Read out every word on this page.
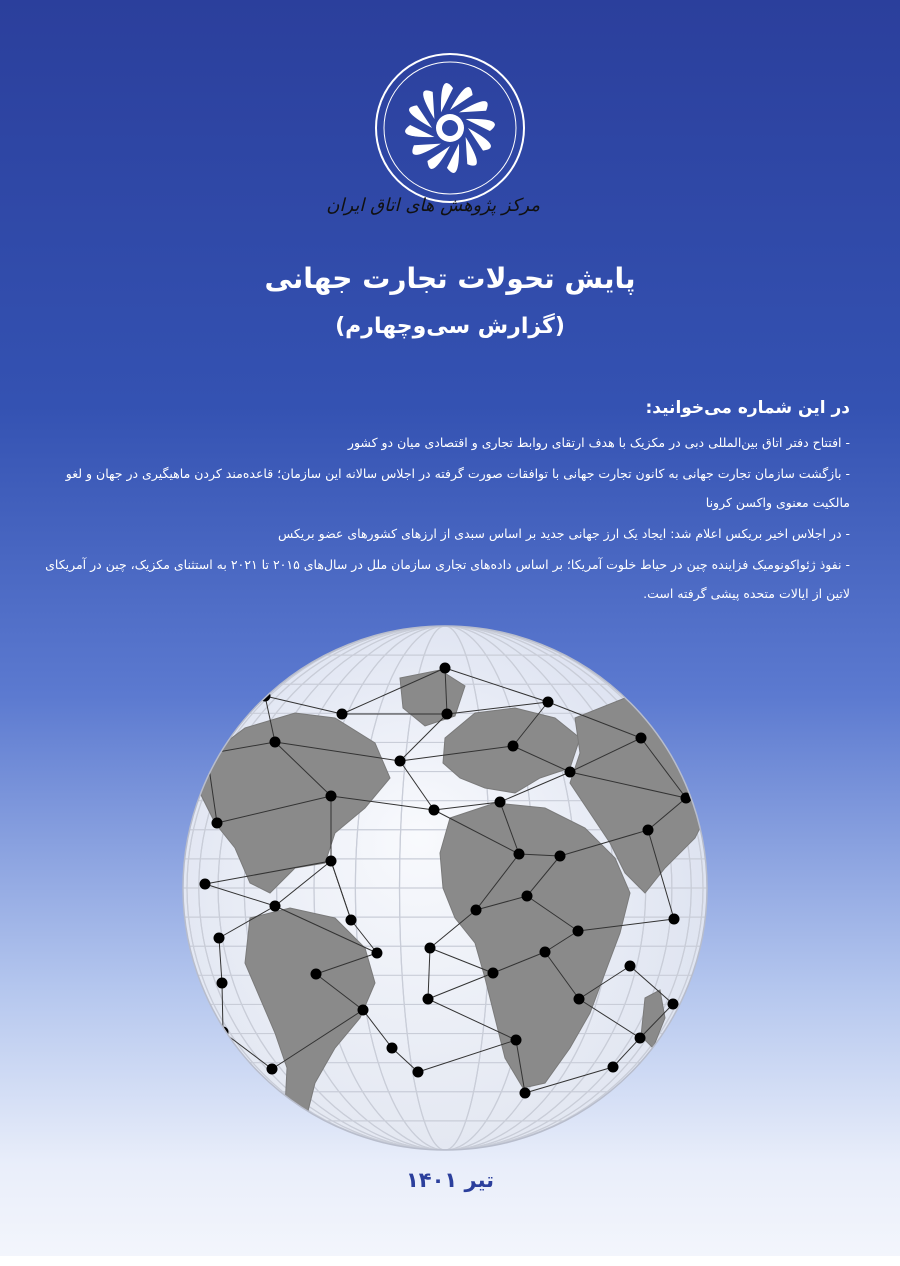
مرکز پژوهش های اتاق ایران
پایش تحولات تجارت جهانی
(گزارش سی‌وچهارم)
در این شماره می‌خوانید:
- افتتاح دفتر اتاق بین‌المللی دبی در مکزیک با هدف ارتقای روابط تجاری و اقتصادی میان دو کشور
- بازگشت سازمان تجارت جهانی به کانون تجارت جهانی با توافقات صورت گرفته در اجلاس سالانه این سازمان؛ قاعده‌مند کردن ماهیگیری در جهان و لغو مالکیت معنوی واکسن کرونا
- در اجلاس اخیر بریکس اعلام شد: ایجاد یک ارز جهانی جدید بر اساس سبدی از ارزهای کشورهای عضو بریکس
- نفوذ ژئواکونومیک فزاینده چین در حیاط خلوت آمریکا؛ بر اساس داده‌های تجاری سازمان ملل در سال‌های ۲۰۱۵ تا ۲۰۲۱ به استثنای مکزیک، چین در آمریکای لاتین از ایالات متحده پیشی گرفته است.
تیر ۱۴۰۱
